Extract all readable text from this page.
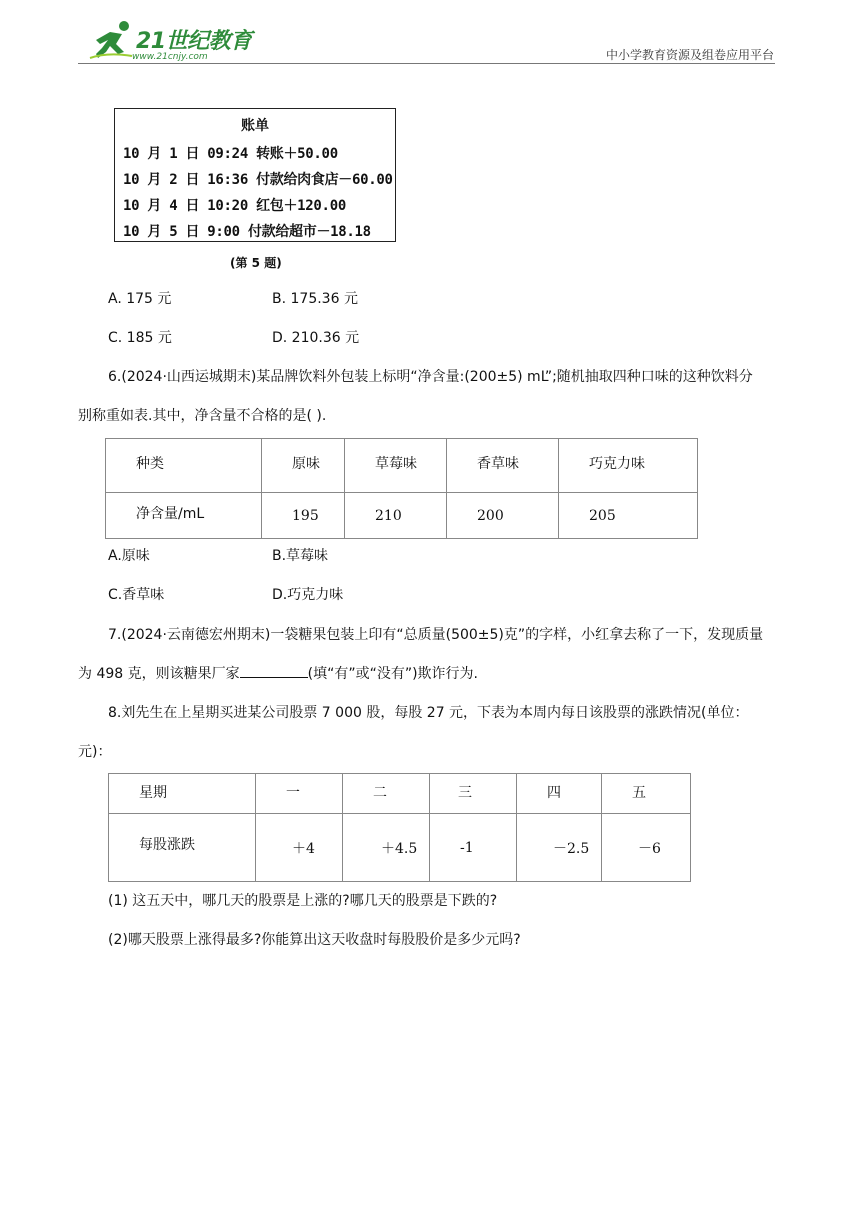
21世纪教育
www.21cnjy.com	中小学教育资源及组卷应用平台
账单
10 月 1 日 09:24 转账＋50.00
10 月 2 日 16:36 付款给肉食店－60.00
10 月 4 日 10:20 红包＋120.00
10 月 5 日 9:00 付款给超市－18.18
(第 5 题)
A. 175 元	B. 175.36 元
C. 185 元	D. 210.36 元
6.(2024·山西运城期末)某品牌饮料外包装上标明“净含量:(200±5) mL”;随机抽取四种口味的这种饮料分
别称重如表.其中，净含量不合格的是( ).
种类	原味	草莓味	香草味	巧克力味
净含量/mL	195	210	200	205
A.原味	B.草莓味
C.香草味	D.巧克力味
7.(2024·云南德宏州期末)一袋糖果包装上印有“总质量(500±5)克”的字样，小红拿去称了一下，发现质量
为 498 克，则该糖果厂家	(填“有”或“没有”)欺诈行为.
8.刘先生在上星期买进某公司股票 7 000 股，每股 27 元，下表为本周内每日该股票的涨跌情况(单位：
元)：
星期	一	二	三	四	五
每股涨跌	＋4	＋4.5	-1	－2.5	－6
(1) 这五天中，哪几天的股票是上涨的?哪几天的股票是下跌的?
(2)哪天股票上涨得最多?你能算出这天收盘时每股股价是多少元吗?
